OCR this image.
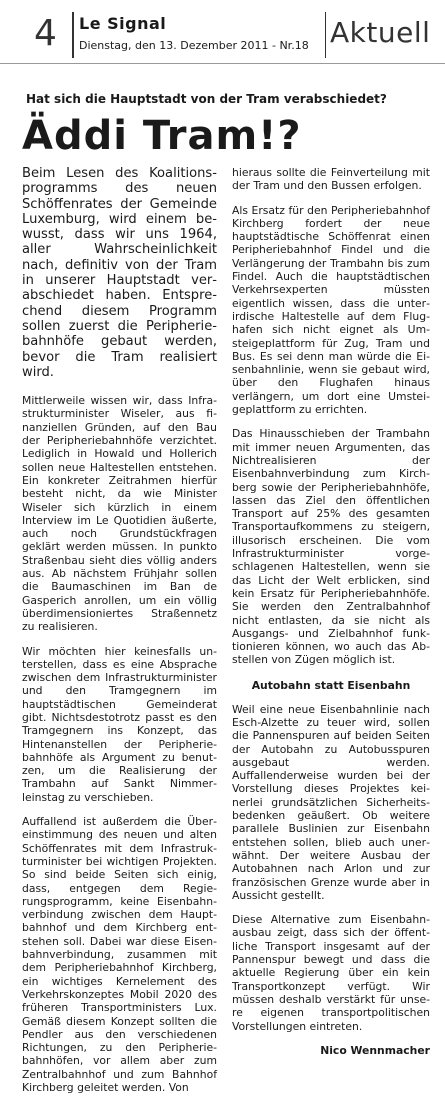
4 Le Signal
Dienstag, den 13. Dezember 2011 - Nr.18 Aktuell
Hat sich die Hauptstadt von der Tram verabschiedet?
Äddi Tram!?

Beim Lesen des Koalitionsprogramms des neuen Schöffenrates der Gemeinde Luxemburg, wird einem bewusst, dass wir uns 1964, aller Wahrscheinlichkeit nach, definitiv von der Tram in unserer Hauptstadt verabschiedet haben. Entsprechend diesem Programm sollen zuerst die Peripheriebahnhöfe gebaut werden, bevor die Tram realisiert wird.

Mittlerweile wissen wir, dass Infrastrukturminister Wiseler, aus finanziellen Gründen, auf den Bau der Peripheriebahnhöfe verzichtet. Lediglich in Howald und Hollerich sollen neue Haltestellen entstehen. Ein konkreter Zeitrahmen hierfür besteht nicht, da wie Minister Wiseler sich kürzlich in einem Interview im Le Quotidien äußerte, auch noch Grundstückfragen geklärt werden müssen. In punkto Straßenbau sieht dies völlig anders aus. Ab nächstem Frühjahr sollen die Baumaschinen im Ban de Gasperich anrollen, um ein völlig überdimensioniertes Straßennetz zu realisieren.

Wir möchten hier keinesfalls unterstellen, dass es eine Absprache zwischen dem Infrastrukturminister und den Tramgegnern im hauptstädtischen Gemeinderat gibt. Nichtsdestotrotz passt es den Tramgegnern ins Konzept, das Hintenanstellen der Peripheriebahnhöfe als Argument zu benutzen, um die Realisierung der Trambahn auf Sankt Nimmerleinstag zu verschieben.

Auffallend ist außerdem die Übereinstimmung des neuen und alten Schöffenrates mit dem Infrastrukturminister bei wichtigen Projekten. So sind beide Seiten sich einig, dass, entgegen dem Regierungsprogramm, keine Eisenbahnverbindung zwischen dem Hauptbahnhof und dem Kirchberg entstehen soll. Dabei war diese Eisenbahnverbindung, zusammen mit dem Peripheriebahnhof Kirchberg, ein wichtiges Kernelement des Verkehrskonzeptes Mobil 2020 des früheren Transportministers Lux. Gemäß diesem Konzept sollten die Pendler aus den verschiedenen Richtungen, zu den Peripheriebahnhöfen, vor allem aber zum Zentralbahnhof und zum Bahnhof Kirchberg geleitet werden. Von

hieraus sollte die Feinverteilung mit der Tram und den Bussen erfolgen.

Als Ersatz für den Peripheriebahnhof Kirchberg fordert der neue hauptstädtische Schöffenrat einen Peripheriebahnhof Findel und die Verlängerung der Trambahn bis zum Findel. Auch die hauptstädtischen Verkehrsexperten müssten eigentlich wissen, dass die unterirdische Haltestelle auf dem Flughafen sich nicht eignet als Umsteigeplattform für Zug, Tram und Bus. Es sei denn man würde die Eisenbahnlinie, wenn sie gebaut wird, über den Flughafen hinaus verlängern, um dort eine Umsteigeplattform zu errichten.

Das Hinausschieben der Trambahn mit immer neuen Argumenten, das Nichtrealisieren der Eisenbahnverbindung zum Kirchberg sowie der Peripheriebahnhöfe, lassen das Ziel den öffentlichen Transport auf 25% des gesamten Transportaufkommens zu steigern, illusorisch erscheinen. Die vom Infrastrukturminister vorgeschlagenen Haltestellen, wenn sie das Licht der Welt erblicken, sind kein Ersatz für Peripheriebahnhöfe. Sie werden den Zentralbahnhof nicht entlasten, da sie nicht als Ausgangs- und Zielbahnhof funktionieren können, wo auch das Abstellen von Zügen möglich ist.

Autobahn statt Eisenbahn

Weil eine neue Eisenbahnlinie nach Esch-Alzette zu teuer wird, sollen die Pannenspuren auf beiden Seiten der Autobahn zu Autobusspuren ausgebaut werden. Auffallenderweise wurden bei der Vorstellung dieses Projektes keinerlei grundsätzlichen Sicherheitsbedenken geäußert. Ob weitere parallele Buslinien zur Eisenbahn entstehen sollen, blieb auch unerwähnt. Der weitere Ausbau der Autobahnen nach Arlon und zur französischen Grenze wurde aber in Aussicht gestellt.

Diese Alternative zum Eisenbahnausbau zeigt, dass sich der öffentliche Transport insgesamt auf der Pannenspur bewegt und dass die aktuelle Regierung über ein kein Transportkonzept verfügt. Wir müssen deshalb verstärkt für unsere eigenen transportpolitischen Vorstellungen eintreten.

Nico Wennmacher
